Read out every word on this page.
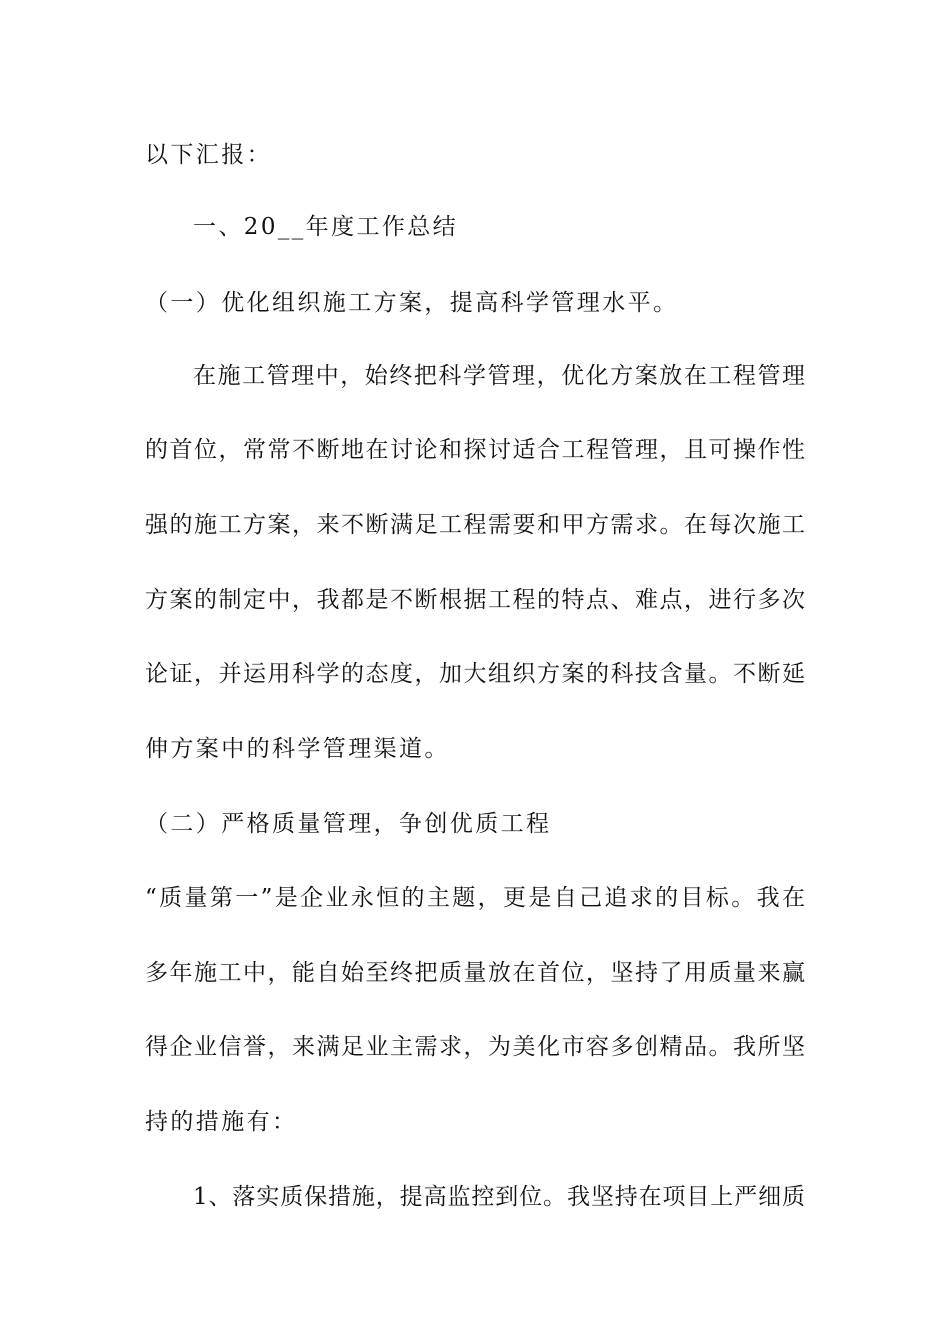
以下汇报：

一、20__年度工作总结

（一）优化组织施工方案，提高科学管理水平。

在施工管理中，始终把科学管理，优化方案放在工程管理

的首位，常常不断地在讨论和探讨适合工程管理，且可操作性

强的施工方案，来不断满足工程需要和甲方需求。在每次施工

方案的制定中，我都是不断根据工程的特点、难点，进行多次

论证，并运用科学的态度，加大组织方案的科技含量。不断延

伸方案中的科学管理渠道。

（二）严格质量管理，争创优质工程

“质量第一”是企业永恒的主题，更是自己追求的目标。我在

多年施工中，能自始至终把质量放在首位，坚持了用质量来赢

得企业信誉，来满足业主需求，为美化市容多创精品。我所坚

持的措施有：

1、落实质保措施，提高监控到位。我坚持在项目上严细质
